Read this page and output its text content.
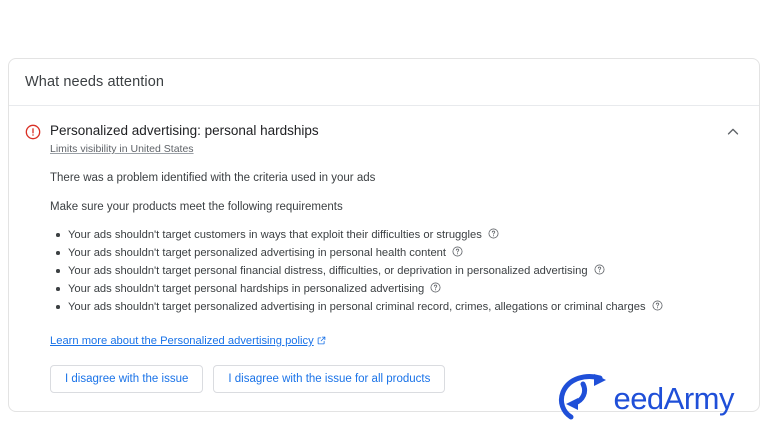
What needs attention
Personalized advertising: personal hardships
Limits visibility in United States

There was a problem identified with the criteria used in your ads

Make sure your products meet the following requirements

Your ads shouldn't target customers in ways that exploit their difficulties or struggles
Your ads shouldn't target personalized advertising in personal health content
Your ads shouldn't target personal financial distress, difficulties, or deprivation in personalized advertising
Your ads shouldn't target personal hardships in personalized advertising
Your ads shouldn't target personalized advertising in personal criminal record, crimes, allegations or criminal charges
Learn more about the Personalized advertising policy
I disagree with the issue	I disagree with the issue for all products
eedArmy
